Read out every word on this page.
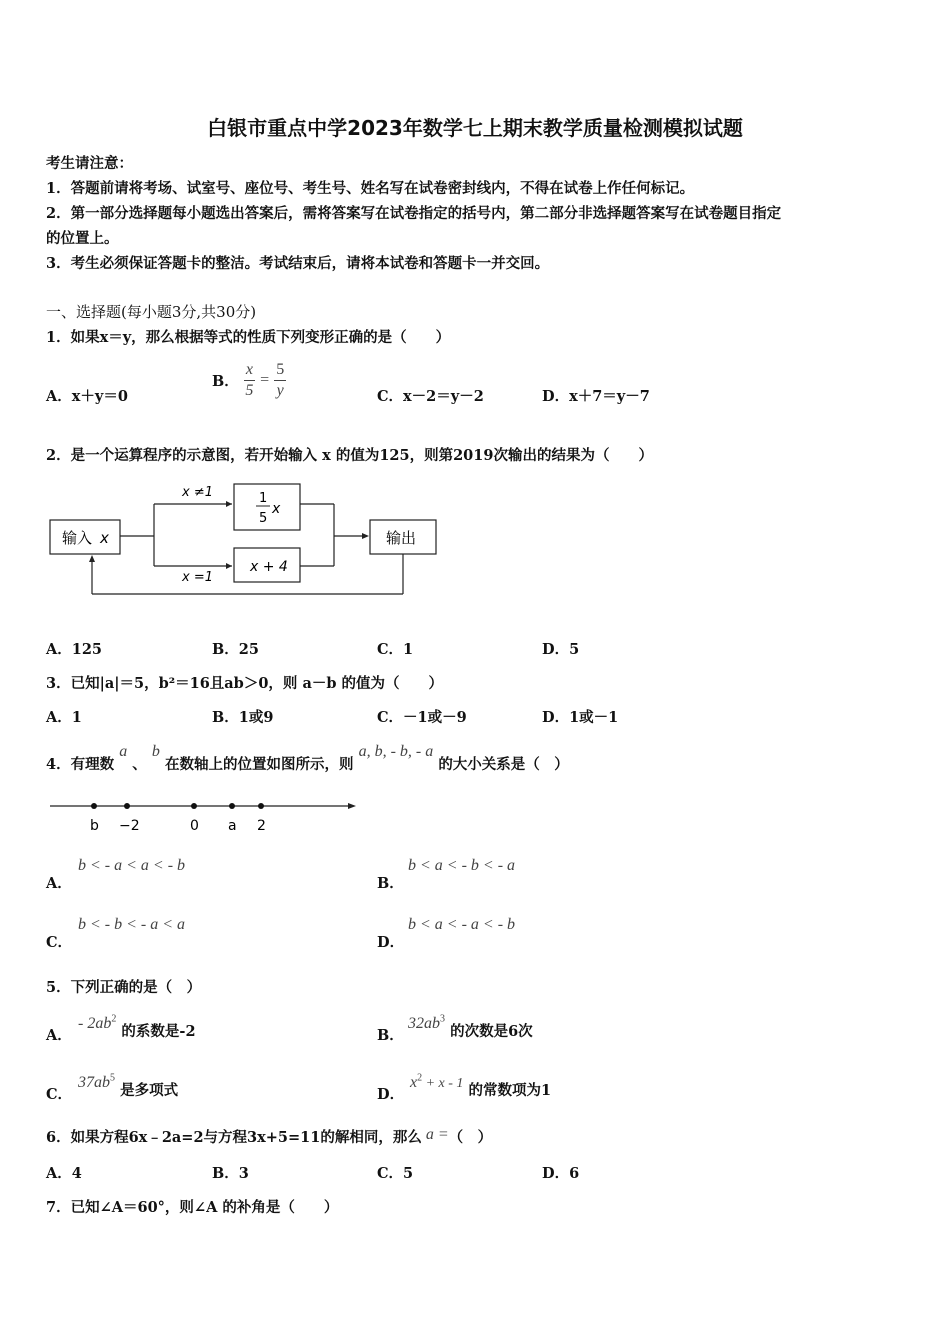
白银市重点中学2023年数学七上期末教学质量检测模拟试题
考生请注意：
1．答题前请将考场、试室号、座位号、考生号、姓名写在试卷密封线内，不得在试卷上作任何标记。
2．第一部分选择题每小题选出答案后，需将答案写在试卷指定的括号内，第二部分非选择题答案写在试卷题目指定
的位置上。
3．考生必须保证答题卡的整洁。考试结束后，请将本试卷和答题卡一并交回。
一、选择题(每小题3分,共30分)
1．如果x＝y，那么根据等式的性质下列变形正确的是（　　）
A．x＋y＝0
B． $\frac{x}{5} = \frac{5}{y}$	C．x－2＝y－2	D．x＋7＝y－7
2．是一个运算程序的示意图，若开始输入 x 的值为125，则第2019次输出的结果为（　　）
输入 x
x ≠1
x =1
1
5
x
x + 4
输出
A．125	B．25	C．1	D．5
3．已知|a|＝5，b²＝16且ab＞0，则 a－b 的值为（　　）
A．1	B．1或9	C．－1或－9	D．1或－1
4．有理数 a 、 b 在数轴上的位置如图所示，则 a, b, - b, - a 的大小关系是（　）
b −2	0 a 2
A．
b < - a < a < - b
B．
b < a < - b < - a
C．
b < - b < - a < a
D．
b < a < - a < - b
5．下列正确的是（　）
A．
- $2ab^2$ 的系数是-2	B．
$32ab^3$ 的次数是6次
C．
$37ab^5$ 是多项式	D．
$x^2 + x - 1$ 的常数项为1
6．如果方程6x﹣2a=2与方程3x+5=11的解相同，那么 a =（　）
A．4	B．3	C．5	D．6
7．已知∠A＝60°，则∠A 的补角是（　　）
